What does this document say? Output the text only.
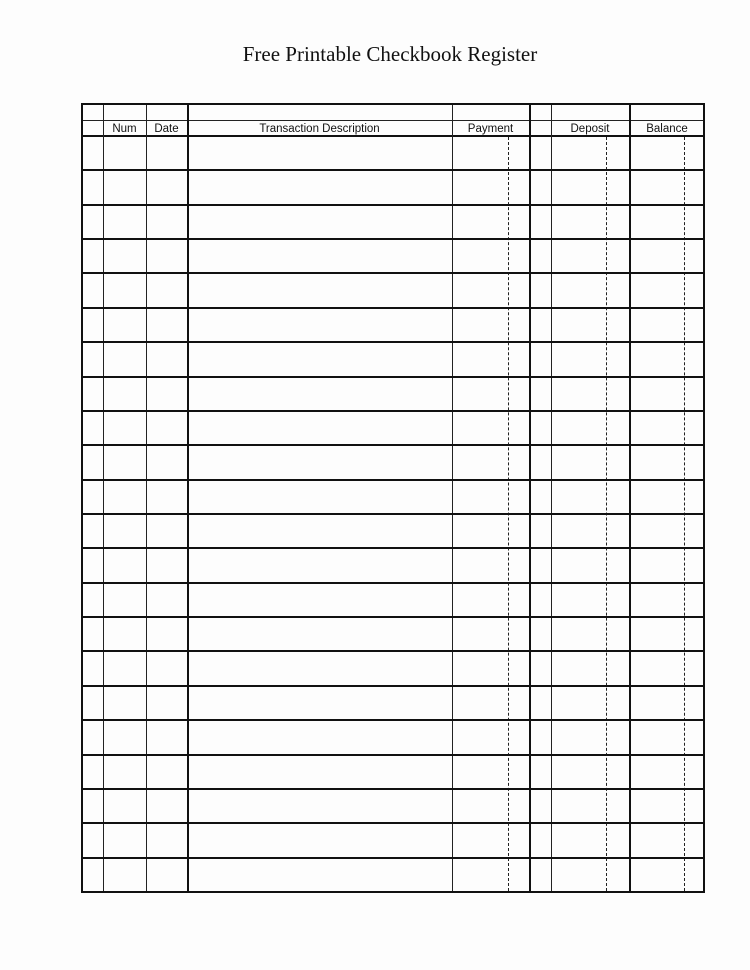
Free Printable Checkbook Register
Num	Date	Transaction Description	Payment	Deposit	Balance
